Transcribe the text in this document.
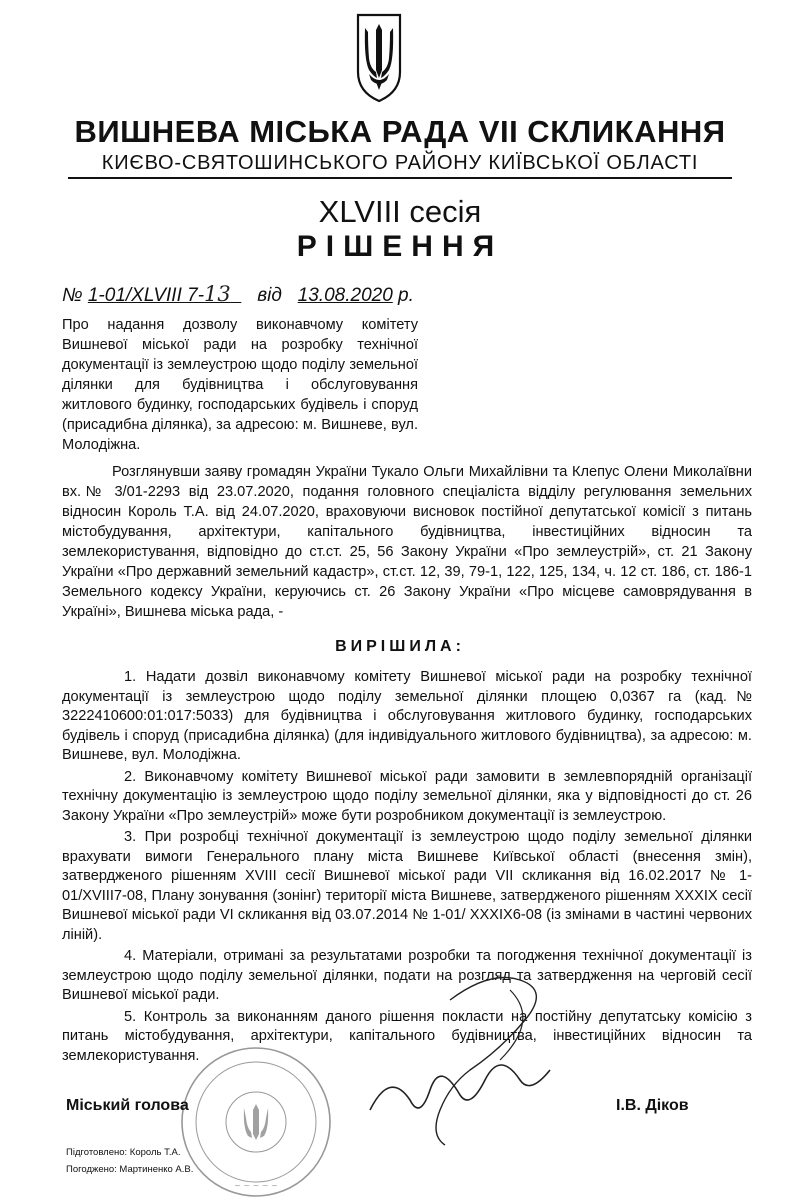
ВИШНЕВА МІСЬКА РАДА VII СКЛИКАННЯ
КИЄВО-СВЯТОШИНСЬКОГО РАЙОНУ КИЇВСЬКОЇ ОБЛАСТІ
XLVIII сесія
РІШЕННЯ
№ 1-01/XLVIII 7-13 від 13.08.2020 р.
Про надання дозволу виконавчому комітету Вишневої міської ради на розробку технічної документації із землеустрою щодо поділу земельної ділянки для будівництва і обслуговування житлового будинку, господарських будівель і споруд (присадибна ділянка), за адресою: м. Вишневе, вул. Молодіжна.
Розглянувши заяву громадян України Тукало Ольги Михайлівни та Клепус Олени Миколаївни вх.№ 3/01-2293 від 23.07.2020, подання головного спеціаліста відділу регулювання земельних відносин Король Т.А. від 24.07.2020, враховуючи висновок постійної депутатської комісії з питань містобудування, архітектури, капітального будівництва, інвестиційних відносин та землекористування, відповідно до ст.ст. 25, 56 Закону України «Про землеустрій», ст. 21 Закону України «Про державний земельний кадастр», ст.ст. 12, 39, 79-1, 122, 125, 134, ч. 12 ст. 186, ст. 186-1 Земельного кодексу України, керуючись ст. 26 Закону України «Про місцеве самоврядування в Україні», Вишнева міська рада, -
ВИРІШИЛА:

1. Надати дозвіл виконавчому комітету Вишневої міської ради на розробку технічної документації із землеустрою щодо поділу земельної ділянки площею 0,0367 га (кад.№ 3222410600:01:017:5033) для будівництва і обслуговування житлового будинку, господарських будівель і споруд (присадибна ділянка) (для індивідуального житлового будівництва), за адресою: м. Вишневе, вул. Молодіжна.

2. Виконавчому комітету Вишневої міської ради замовити в землевпорядній організації технічну документацію із землеустрою щодо поділу земельної ділянки, яка у відповідності до ст. 26 Закону України «Про землеустрій» може бути розробником документації із землеустрою.

3. При розробці технічної документації із землеустрою щодо поділу земельної ділянки врахувати вимоги Генерального плану міста Вишневе Київської області (внесення змін), затвердженого рішенням XVIII сесії Вишневої міської ради VII скликання від 16.02.2017 № 1-01/XVIII7-08, Плану зонування (зонінг) території міста Вишневе, затвердженого рішенням XXXIX сесії Вишневої міської ради VI скликання від 03.07.2014 № 1-01/ XXXIX6-08 (із змінами в частині червоних ліній).

4. Матеріали, отримані за результатами розробки та погодження технічної документації із землеустрою щодо поділу земельної ділянки, подати на розгляд та затвердження на черговій сесії Вишневої міської ради.

5. Контроль за виконанням даного рішення покласти на постійну депутатську комісію з питань містобудування, архітектури, капітального будівництва, інвестиційних відносин та землекористування.

~ ~ ~ ~ ~
Міський голова	І.В. Діков
Підготовлено: Король Т.А.
Погоджено: Мартиненко А.В.
